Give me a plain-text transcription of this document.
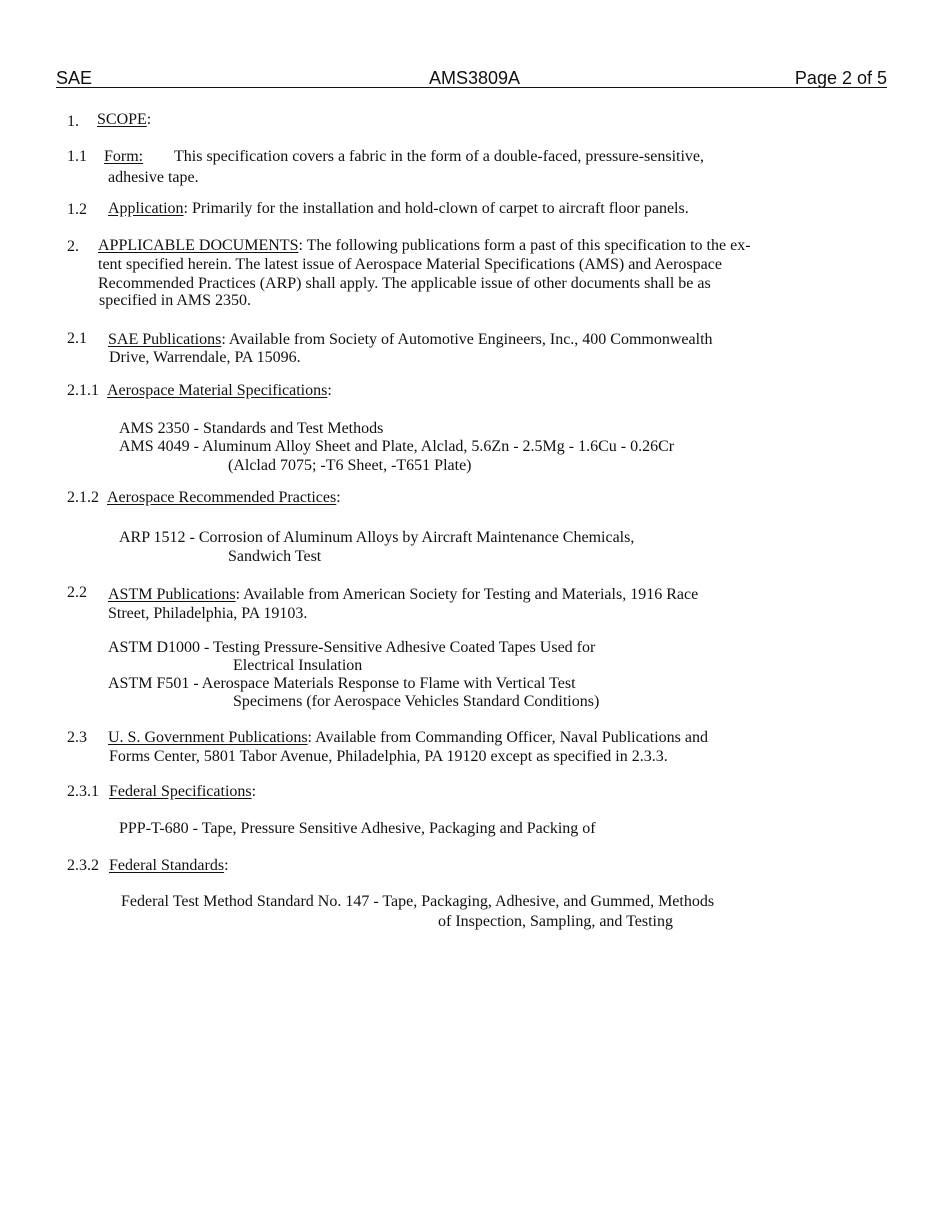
SAE	AMS3809A	Page 2 of 5
1. SCOPE:
1.1 Form: This specification covers a fabric in the form of a double-faced, pressure-sensitive,
adhesive tape.
1.2 Application: Primarily for the installation and hold-clown of carpet to aircraft floor panels.
2. APPLICABLE DOCUMENTS: The following publications form a past of this specification to the ex-
tent specified herein. The latest issue of Aerospace Material Specifications (AMS) and Aerospace
Recommended Practices (ARP) shall apply. The applicable issue of other documents shall be as
specified in AMS 2350.
2.1 SAE Publications: Available from Society of Automotive Engineers, Inc., 400 Commonwealth
Drive, Warrendale, PA 15096.
2.1.1 Aerospace Material Specifications:
AMS 2350 - Standards and Test Methods
AMS 4049 - Aluminum Alloy Sheet and Plate, Alclad, 5.6Zn - 2.5Mg - 1.6Cu - 0.26Cr
(Alclad 7075; -T6 Sheet, -T651 Plate)
2.1.2 Aerospace Recommended Practices:
ARP 1512 - Corrosion of Aluminum Alloys by Aircraft Maintenance Chemicals,
Sandwich Test
2.2 ASTM Publications: Available from American Society for Testing and Materials, 1916 Race
Street, Philadelphia, PA 19103.
ASTM D1000 - Testing Pressure-Sensitive Adhesive Coated Tapes Used for
Electrical Insulation
ASTM F501 - Aerospace Materials Response to Flame with Vertical Test
Specimens (for Aerospace Vehicles Standard Conditions)
2.3 U. S. Government Publications: Available from Commanding Officer, Naval Publications and
Forms Center, 5801 Tabor Avenue, Philadelphia, PA 19120 except as specified in 2.3.3.
2.3.1 Federal Specifications:
PPP-T-680 - Tape, Pressure Sensitive Adhesive, Packaging and Packing of
2.3.2 Federal Standards:
Federal Test Method Standard No. 147 - Tape, Packaging, Adhesive, and Gummed, Methods
of Inspection, Sampling, and Testing
